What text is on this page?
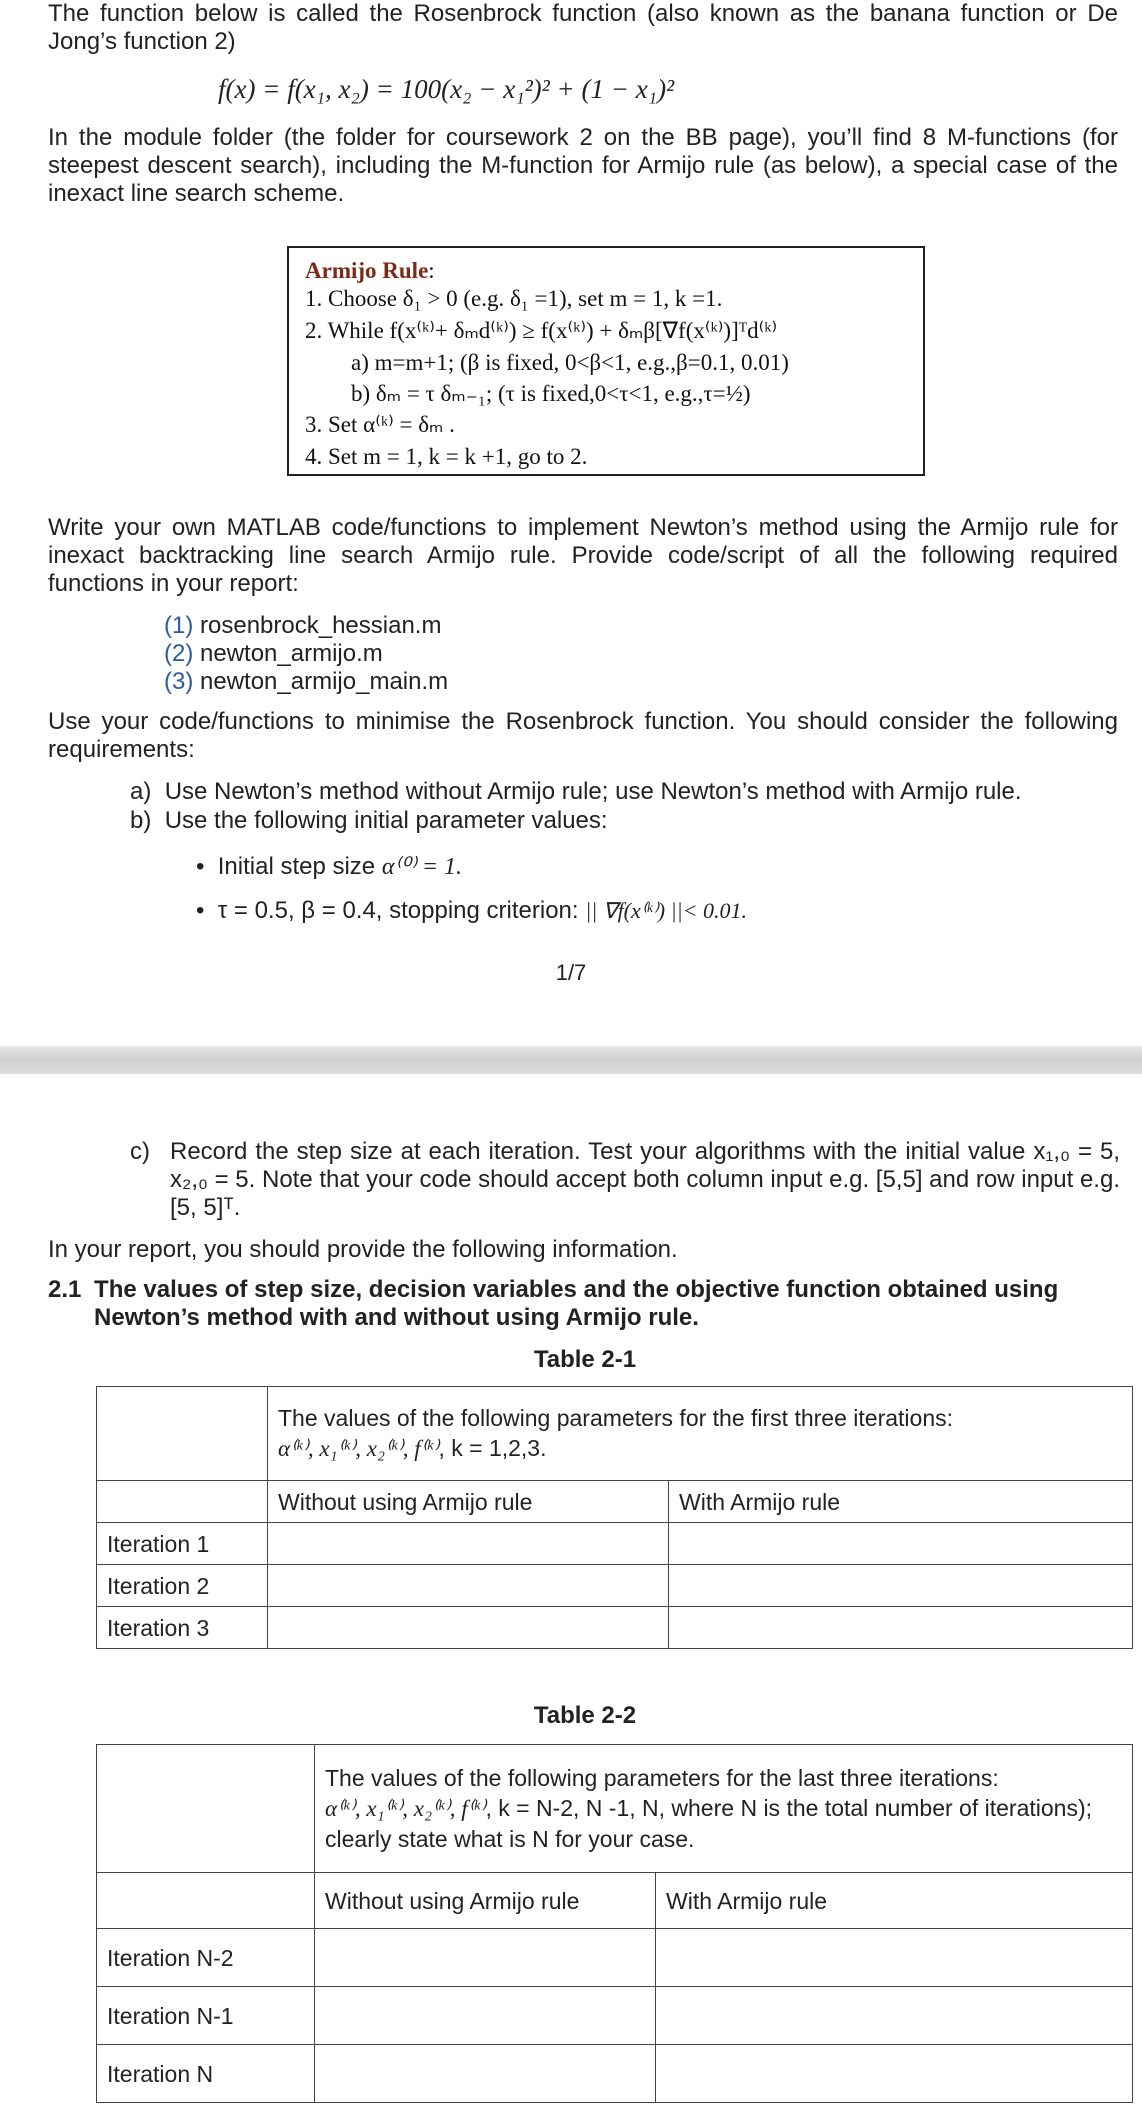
The function below is called the Rosenbrock function (also known as the banana function or De Jong’s function 2)
f(x) = f(x₁, x₂) = 100(x₂ − x₁²)² + (1 − x₁)²
In the module folder (the folder for coursework 2 on the BB page), you’ll find 8 M-functions (for steepest descent search), including the M-function for Armijo rule (as below), a special case of the inexact line search scheme.
Armijo Rule:
1. Choose δ₁ > 0 (e.g. δ₁ =1), set m = 1, k =1.
2. While f(x⁽ᵏ⁾+ δₘd⁽ᵏ⁾) ≥ f(x⁽ᵏ⁾) + δₘβ[∇f(x⁽ᵏ⁾)]ᵀd⁽ᵏ⁾
a) m=m+1; (β is fixed, 0<β<1, e.g.,β=0.1, 0.01)
b) δₘ = τ δₘ₋₁; (τ is fixed,0<τ<1, e.g.,τ=½)
3. Set α⁽ᵏ⁾ = δₘ .
4. Set m = 1, k = k +1, go to 2.
Write your own MATLAB code/functions to implement Newton’s method using the Armijo rule for inexact backtracking line search Armijo rule. Provide code/script of all the following required functions in your report:
(1) rosenbrock_hessian.m
(2) newton_armijo.m
(3) newton_armijo_main.m
Use your code/functions to minimise the Rosenbrock function. You should consider the following requirements:
a)  Use Newton’s method without Armijo rule; use Newton’s method with Armijo rule.
b)  Use the following initial parameter values:
•  Initial step size α⁽⁰⁾ = 1.
•  τ = 0.5, β = 0.4, stopping criterion: || ∇f(x⁽ᵏ⁾) ||< 0.01.
1/7
c) Record the step size at each iteration. Test your algorithms with the initial value x₁,₀ = 5, x₂,₀ = 5. Note that your code should accept both column input e.g. [5,5] and row input e.g. [5, 5]ᵀ.
In your report, you should provide the following information.
2.1 The values of step size, decision variables and the objective function obtained using Newton’s method with and without using Armijo rule.
Table 2-1

	The values of the following parameters for the first three iterations:
α⁽ᵏ⁾, x₁⁽ᵏ⁾, x₂⁽ᵏ⁾, f⁽ᵏ⁾, k = 1,2,3.	

	Without using Armijo rule	With Armijo rule
Iteration 1		
Iteration 2		
Iteration 3		
Table 2-2

	The values of the following parameters for the last three iterations:
α⁽ᵏ⁾, x₁⁽ᵏ⁾, x₂⁽ᵏ⁾, f⁽ᵏ⁾, k = N-2, N -1, N, where N is the total number of iterations); clearly state what is N for your case.	

	Without using Armijo rule	With Armijo rule
Iteration N-2		
Iteration N-1		
Iteration N		
